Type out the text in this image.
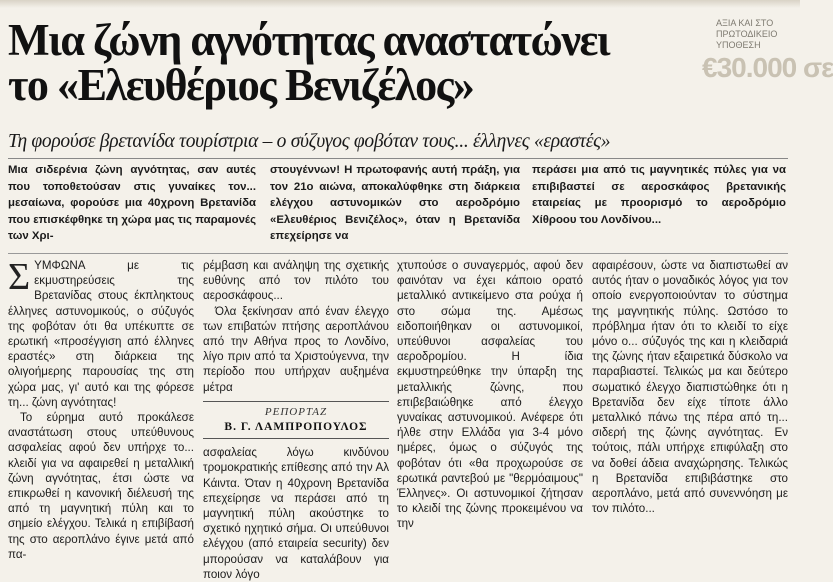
ΑΞΙΑ ΚΑΙ ΣΤΟ ΠΡΩΤΟΔΙΚΕΙΟ ΥΠΟΘΕΣΗ
€30.000 σε
Μια ζώνη αγνότητας αναστατώνει
το «Ελευθέριος Βενιζέλος»
Τη φορούσε βρετανίδα τουρίστρια – ο σύζυγος φοβόταν τους... έλληνες «εραστές»
Μια σιδερένια ζώνη αγνότητας, σαν αυτές που τοποθετούσαν στις γυναίκες τον... μεσαίωνα, φορούσε μια 40χρονη Βρετανίδα που επισκέφθηκε τη χώρα μας τις παραμονές των Χρι-
στουγέννων! Η πρωτοφανής αυτή πράξη, για τον 21ο αιώνα, αποκαλύφθηκε στη διάρκεια ελέγχου αστυνομικών στο αεροδρόμιο «Ελευθέριος Βενιζέλος», όταν η Βρετανίδα επεχείρησε να
περάσει μια από τις μαγνητικές πύλες για να επιβιβαστεί σε αεροσκάφος βρετανικής εταιρείας με προορισμό το αεροδρόμιο Χίθροου του Λονδίνου...

ΣΥΜΦΩΝΑ με τις εκμυστηρεύσεις της Βρετανίδας στους έκπληκτους έλληνες αστυνομικούς, ο σύζυγός της φοβόταν ότι θα υπέκυπτε σε ερωτική «προσέγγιση από έλληνες εραστές» στη διάρκεια της ολιγοήμερης παρουσίας της στη χώρα μας, γι' αυτό και της φόρεσε τη... ζώνη αγνότητας!

Το εύρημα αυτό προκάλεσε αναστάτωση στους υπεύθυνους ασφαλείας αφού δεν υπήρχε το... κλειδί για να αφαιρεθεί η μεταλλική ζώνη αγνότητας, έτσι ώστε να επικρωθεί η κανονική διέλευσή της από τη μαγνητική πύλη και το σημείο ελέγχου. Τελικά η επιβίβασή της στο αεροπλάνο έγινε μετά από πα-

ρέμβαση και ανάληψη της σχετικής ευθύνης από τον πιλότο του αεροσκάφους...

Όλα ξεκίνησαν από έναν έλεγχο των επιβατών πτήσης αεροπλάνου από την Αθήνα προς το Λονδίνο, λίγο πριν από τα Χριστούγεννα, την περίοδο που υπήρχαν αυξημένα μέτρα

ΡΕΠΟΡΤΑΖ
Β. Γ. ΛΑΜΠΡΟΠΟΥΛΟΣ

ασφαλείας λόγω κινδύνου τρομοκρατικής επίθεσης από την Αλ Κάιντα. Όταν η 40χρονη Βρετανίδα επεχείρησε να περάσει από τη μαγνητική πύλη ακούστηκε το σχετικό ηχητικό σήμα. Οι υπεύθυνοι ελέγχου (από εταιρεία security) δεν μπορούσαν να καταλάβουν για ποιον λόγο

χτυπούσε ο συναγερμός, αφού δεν φαινόταν να έχει κάποιο ορατό μεταλλικό αντικείμενο στα ρούχα ή στο σώμα της. Αμέσως ειδοποιήθηκαν οι αστυνομικοί, υπεύθυνοι ασφαλείας του αεροδρομίου. Η ίδια εκμυστηρεύθηκε την ύπαρξη της μεταλλικής ζώνης, που επιβεβαιώθηκε από έλεγχο γυναίκας αστυνομικού. Ανέφερε ότι ήλθε στην Ελλάδα για 3-4 μόνο ημέρες, όμως ο σύζυγός της φοβόταν ότι «θα προχωρούσε σε ερωτικά ραντεβού με "θερμόαιμους" Έλληνες». Οι αστυνομικοί ζήτησαν το κλειδί της ζώνης προκειμένου να την

αφαιρέσουν, ώστε να διαπιστωθεί αν αυτός ήταν ο μοναδικός λόγος για τον οποίο ενεργοποιούνταν το σύστημα της μαγνητικής πύλης. Ωστόσο το πρόβλημα ήταν ότι το κλειδί το είχε μόνο ο... σύζυγός της και η κλειδαριά της ζώνης ήταν εξαιρετικά δύσκολο να παραβιαστεί. Τελικώς μα και δεύτερο σωματικό έλεγχο διαπιστώθηκε ότι η Βρετανίδα δεν είχε τίποτε άλλο μεταλλικό πάνω της πέρα από τη... σιδερή της ζώνης αγνότητας. Εν τούτοις, πάλι υπήρχε επιφύλαξη στο να δοθεί άδεια αναχώρησης. Τελικώς η Βρετανίδα επιβιβάστηκε στο αεροπλάνο, μετά από συνεννόηση με τον πιλότο...
